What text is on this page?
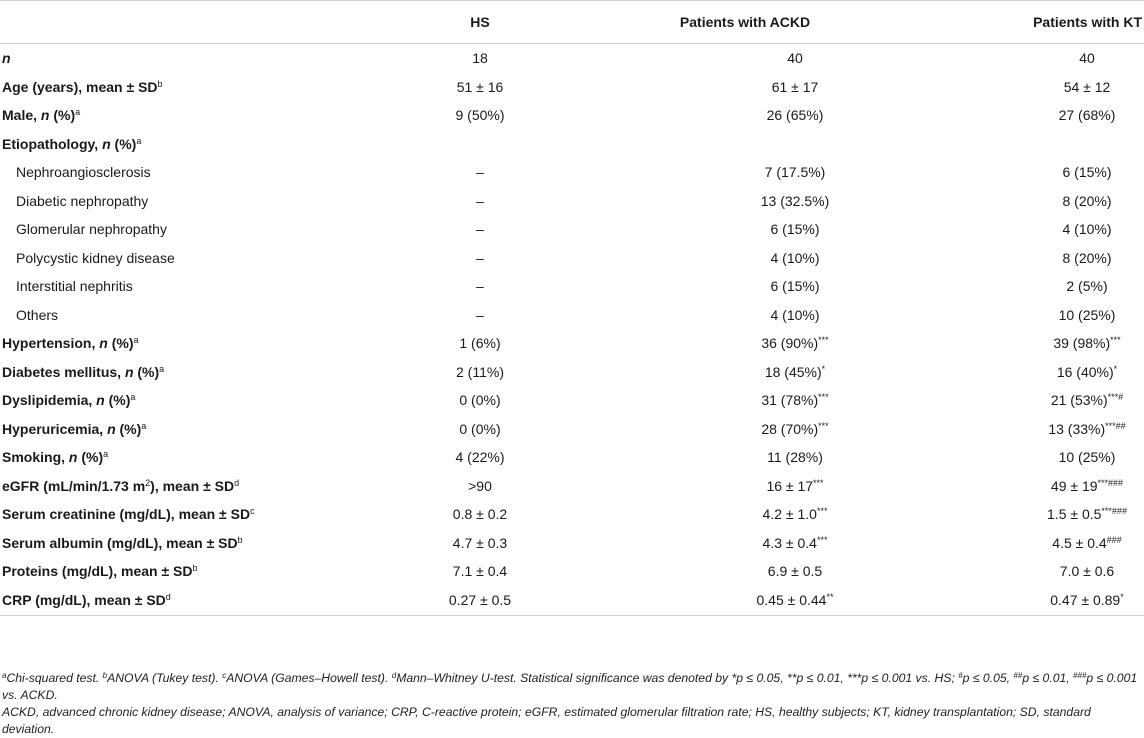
	HS	Patients with ACKD	Patients with KT
n	18	40	40
Age (years), mean ± $SD^b$	51 ± 16	61 ± 17	54 ± 12
Male, n (%)$^a$	9 (50%)	26 (65%)	27 (68%)
Etiopathology, n (%)$^a$			
Nephroangiosclerosis	–	7 (17.5%)	6 (15%)
Diabetic nephropathy	–	13 (32.5%)	8 (20%)
Glomerular nephropathy	–	6 (15%)	4 (10%)
Polycystic kidney disease	–	4 (10%)	8 (20%)
Interstitial nephritis	–	6 (15%)	2 (5%)
Others	–	4 (10%)	10 (25%)
Hypertension, n (%)$^a$	1 (6%)	36 (90%)***	39 (98%)***
Diabetes mellitus, n (%)$^a$	2 (11%)	18 (45%)*	16 (40%)*
Dyslipidemia, n (%)$^a$	0 (0%)	31 (78%)***	21 (53%)***#
Hyperuricemia, n (%)$^a$	0 (0%)	28 (70%)***	13 (33%)***##
Smoking, n (%)$^a$	4 (22%)	11 (28%)	10 (25%)
eGFR (mL/min/1.73 $m^2$), mean ± $SD^d$	>90	16 ± 17***	49 ± 19***###
Serum creatinine (mg/dL), mean ± $SD^c$	0.8 ± 0.2	4.2 ± 1.0***	1.5 ± 0.5***###
Serum albumin (mg/dL), mean ± $SD^b$	4.7 ± 0.3	4.3 ± 0.4***	4.5 ± 0.4###
Proteins (mg/dL), mean ± $SD^b$	7.1 ± 0.4	6.9 ± 0.5	7.0 ± 0.6
CRP (mg/dL), mean ± $SD^d$	0.27 ± 0.5	0.45 ± 0.44**	0.47 ± 0.89*

$^a$Chi-squared test. $^b$ANOVA (Tukey test). $^c$ANOVA (Games–Howell test). $^d$Mann–Whitney U-test. Statistical significance was denoted by *p ≤ 0.05, **p ≤ 0.01, ***p ≤ 0.001 vs. HS; #p ≤ 0.05, ##p ≤ 0.01, ###p ≤ 0.001 vs. ACKD.

ACKD, advanced chronic kidney disease; ANOVA, analysis of variance; CRP, C-reactive protein; eGFR, estimated glomerular filtration rate; HS, healthy subjects; KT, kidney transplantation; SD, standard deviation.
